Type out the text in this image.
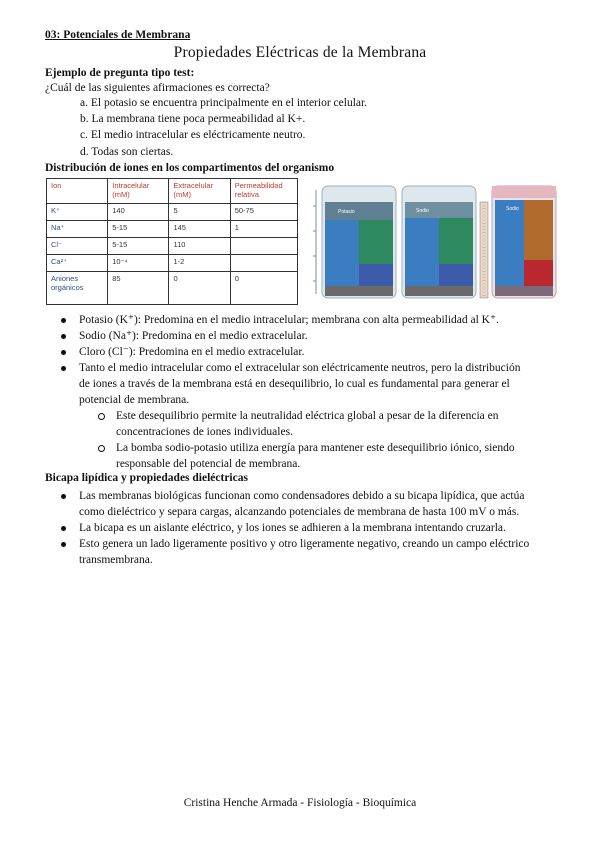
03: Potenciales de Membrana
Propiedades Eléctricas de la Membrana
Ejemplo de pregunta tipo test:
¿Cuál de las siguientes afirmaciones es correcta?
a. El potasio se encuentra principalmente en el interior celular.
b. La membrana tiene poca permeabilidad al K+.
c. El medio intracelular es eléctricamente neutro.
d. Todas son ciertas.
Distribución de iones en los compartimentos del organismo
Ion	Intracelular (mM)	Extracelular (mM)	Permeabilidad relativa
K⁺	140	5	50-75
Na⁺	5-15	145	1
Cl⁻	5-15	110	
Ca²⁺	10⁻⁴	1-2	
Aniones orgánicos	85	0	0
Potasio	Sodio	Sodio
Potasio (K⁺): Predomina en el medio intracelular; membrana con alta permeabilidad al K⁺.
Sodio (Na⁺): Predomina en el medio extracelular.
Cloro (Cl⁻): Predomina en el medio extracelular.
Tanto el medio intracelular como el extracelular son eléctricamente neutros, pero la distribución de iones a través de la membrana está en desequilibrio, lo cual es fundamental para generar el potencial de membrana.
Este desequilibrio permite la neutralidad eléctrica global a pesar de la diferencia en concentraciones de iones individuales.
La bomba sodio-potasio utiliza energía para mantener este desequilibrio iónico, siendo responsable del potencial de membrana.
Bicapa lipídica y propiedades dieléctricas
Las membranas biológicas funcionan como condensadores debido a su bicapa lipídica, que actúa como dieléctrico y separa cargas, alcanzando potenciales de membrana de hasta 100 mV o más.
La bicapa es un aislante eléctrico, y los iones se adhieren a la membrana intentando cruzarla.
Esto genera un lado ligeramente positivo y otro ligeramente negativo, creando un campo eléctrico transmembrana.
Cristina Henche Armada - Fisiología - Bioquímica
